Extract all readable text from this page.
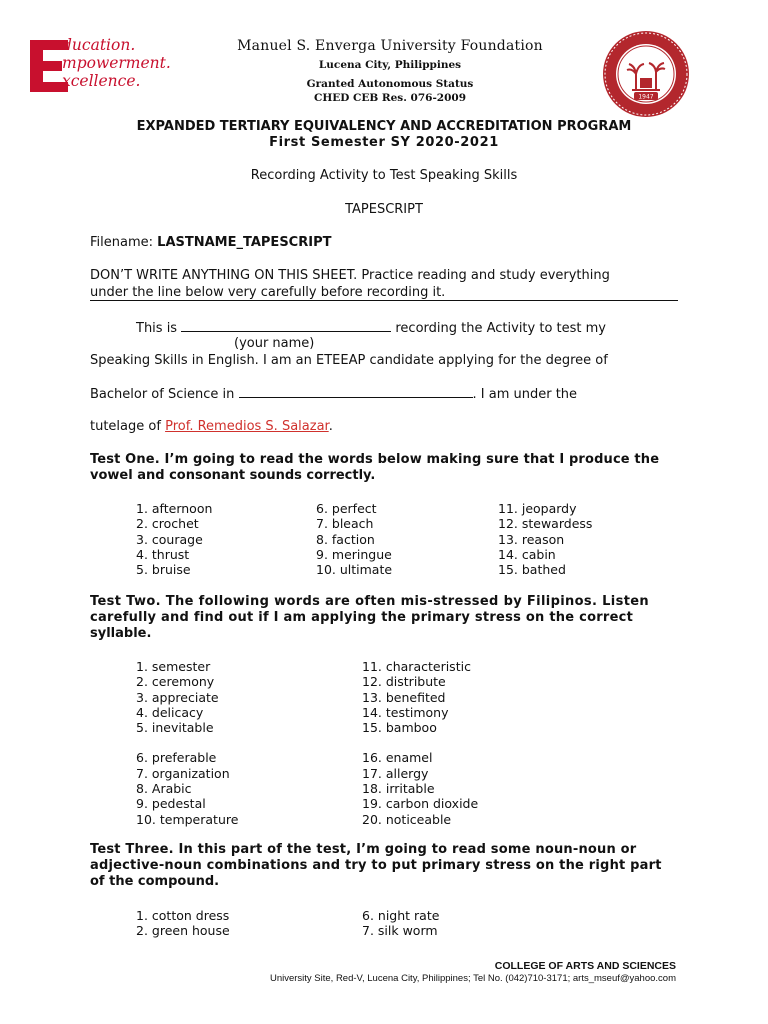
ducation.
mpowerment.
xcellence.
Manuel S. Enverga University Foundation
Lucena City, Philippines
Granted Autonomous Status
CHED CEB Res. 076-2009	1947
EXPANDED TERTIARY EQUIVALENCY AND ACCREDITATION PROGRAM
First Semester SY 2020-2021
Recording Activity to Test Speaking Skills
TAPESCRIPT
Filename: LASTNAME_TAPESCRIPT
DON’T WRITE ANYTHING ON THIS SHEET. Practice reading and study everything
under the line below very carefully before recording it.
This is	recording the Activity to test my
(your name)
Speaking Skills in English. I am an ETEEAP candidate applying for the degree of
Bachelor of Science in	. I am under the
tutelage of Prof. Remedios S. Salazar.
Test One. I’m going to read the words below making sure that I produce the
vowel and consonant sounds correctly.
1. afternoon
2. crochet
3. courage
4. thrust
5. bruise
6. perfect
7. bleach
8. faction
9. meringue
10. ultimate
11. jeopardy
12. stewardess
13. reason
14. cabin
15. bathed
Test Two. The following words are often mis-stressed by Filipinos. Listen
carefully and find out if I am applying the primary stress on the correct
syllable.
1. semester
2. ceremony
3. appreciate
4. delicacy
5. inevitable
6. preferable
7. organization
8. Arabic
9. pedestal
10. temperature
11. characteristic
12. distribute
13. benefited
14. testimony
15. bamboo
16. enamel
17. allergy
18. irritable
19. carbon dioxide
20. noticeable
Test Three. In this part of the test, I’m going to read some noun-noun or
adjective-noun combinations and try to put primary stress on the right part
of the compound.
1. cotton dress
2. green house
6. night rate
7. silk worm
COLLEGE OF ARTS AND SCIENCES
University Site, Red-V, Lucena City, Philippines; Tel No. (042)710-3171; arts_mseuf@yahoo.com
